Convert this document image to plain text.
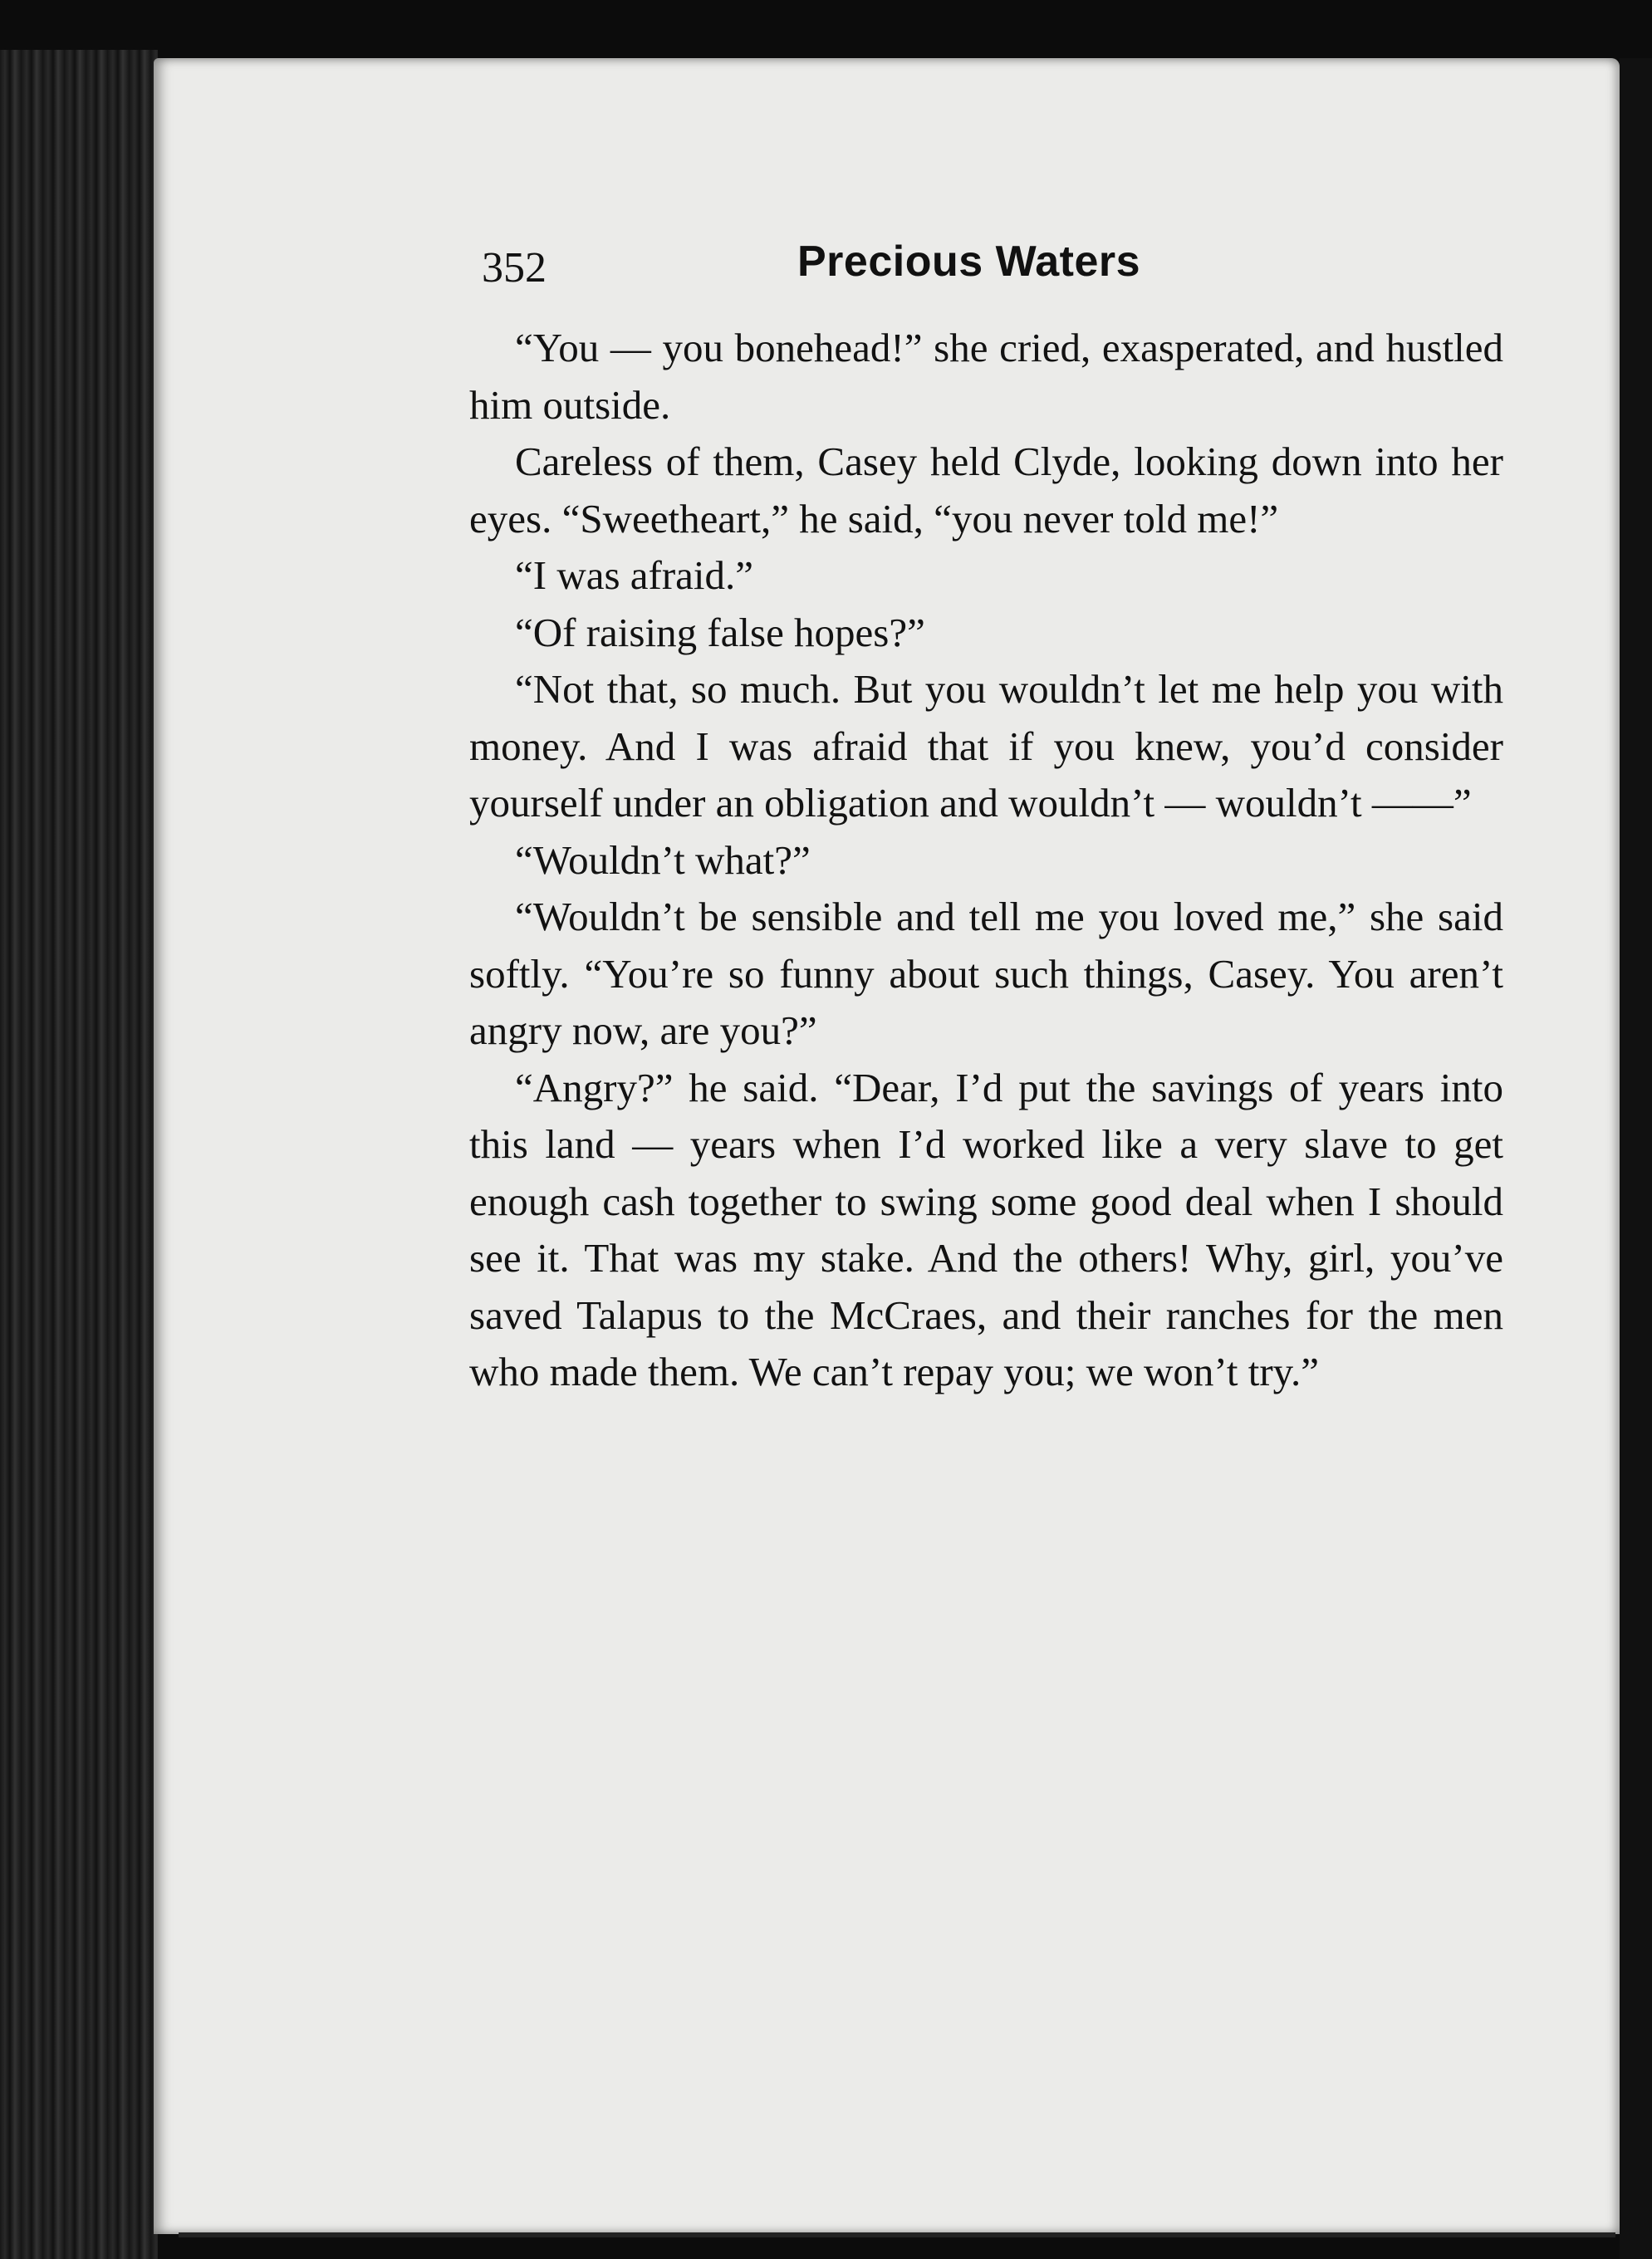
352	Precious Waters

“You — you bonehead!” she cried, exasperated, and hustled him outside.

Careless of them, Casey held Clyde, looking down into her eyes. “Sweetheart,” he said, “you never told me!”

“I was afraid.”

“Of raising false hopes?”

“Not that, so much. But you wouldn’t let me help you with money. And I was afraid that if you knew, you’d consider yourself under an obligation and wouldn’t — wouldn’t ——”

“Wouldn’t what?”

“Wouldn’t be sensible and tell me you loved me,” she said softly. “You’re so funny about such things, Casey. You aren’t angry now, are you?”

“Angry?” he said. “Dear, I’d put the savings of years into this land — years when I’d worked like a very slave to get enough cash together to swing some good deal when I should see it. That was my stake. And the others! Why, girl, you’ve saved Talapus to the McCraes, and their ranches for the men who made them. We can’t repay you; we won’t try.”
